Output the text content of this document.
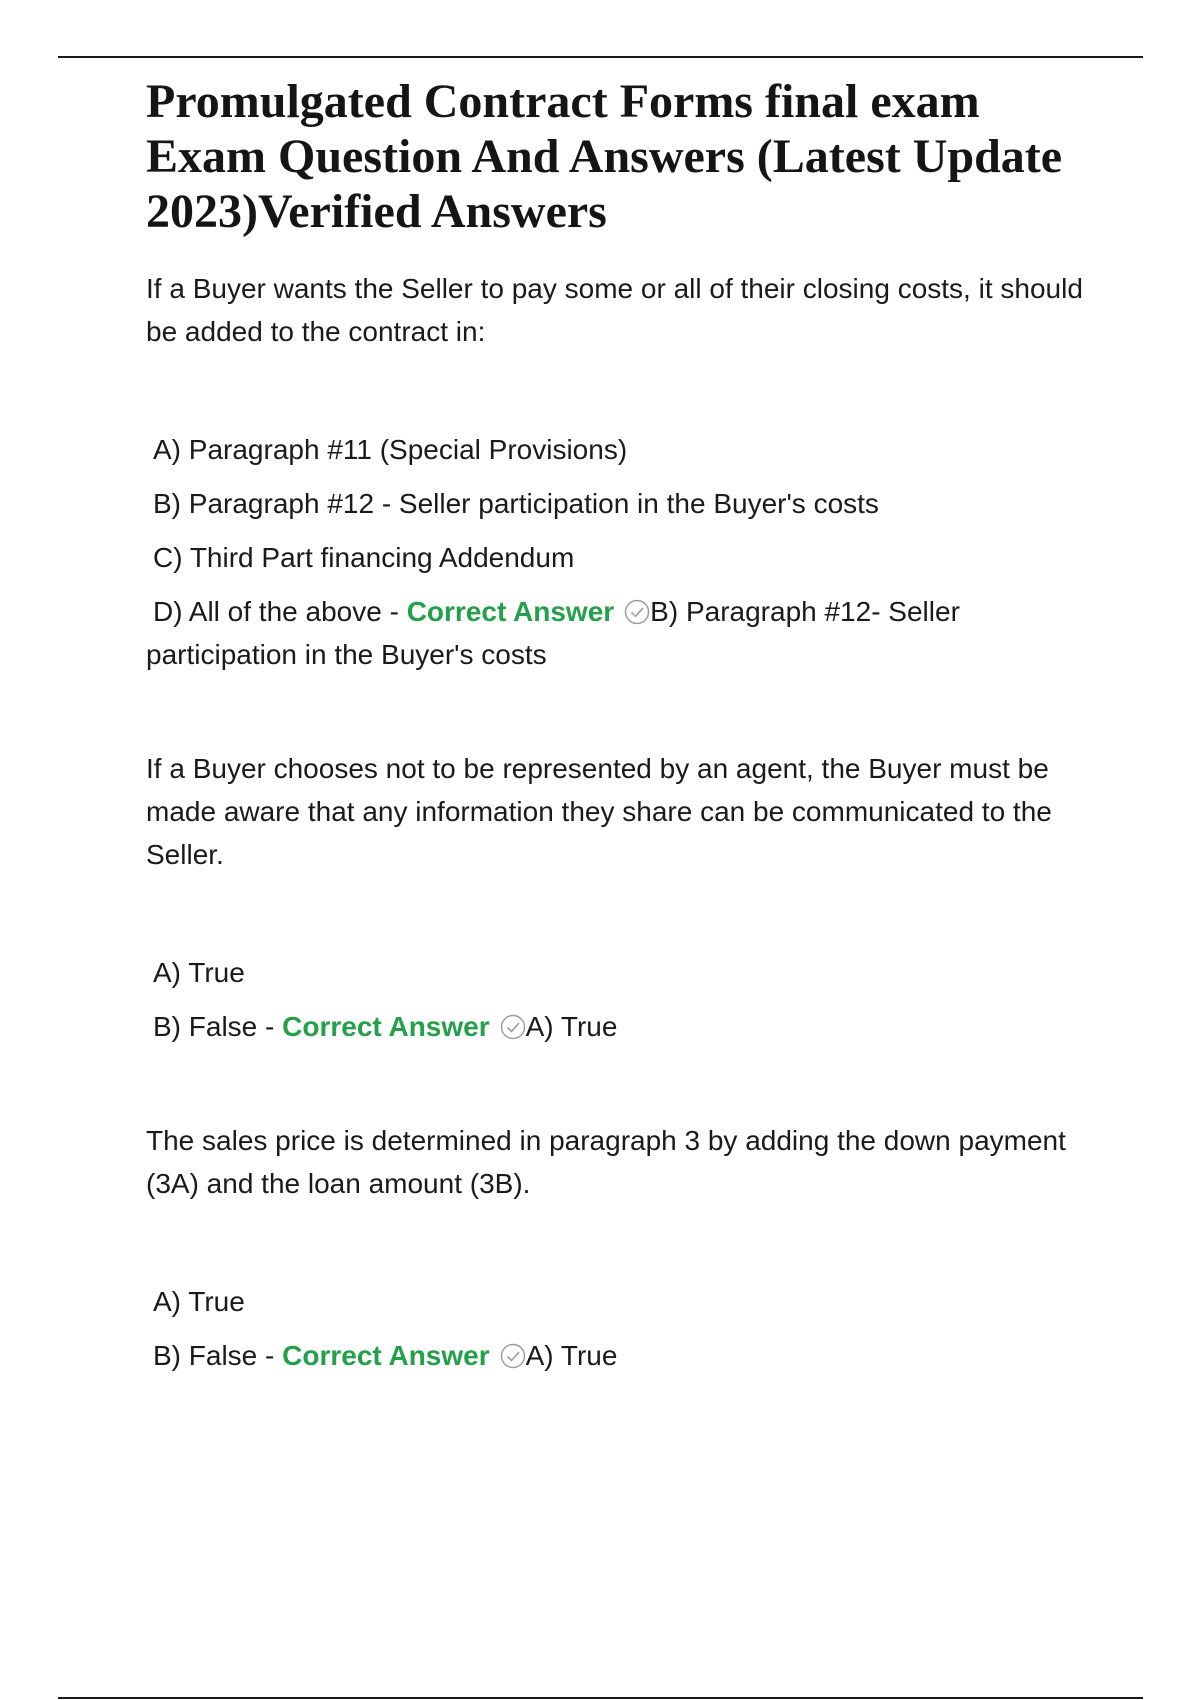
Promulgated Contract Forms final exam Exam Question And Answers (Latest Update 2023)Verified Answers

If a Buyer wants the Seller to pay some or all of their closing costs, it should be added to the contract in:

A) Paragraph #11 (Special Provisions)

B) Paragraph #12 - Seller participation in the Buyer's costs

C) Third Part financing Addendum

D) All of the above - Correct Answer B) Paragraph #12- Seller participation in the Buyer's costs

If a Buyer chooses not to be represented by an agent, the Buyer must be made aware that any information they share can be communicated to the Seller.

A) True

B) False - Correct Answer A) True

The sales price is determined in paragraph 3 by adding the down payment (3A) and the loan amount (3B).

A) True

B) False - Correct Answer A) True
